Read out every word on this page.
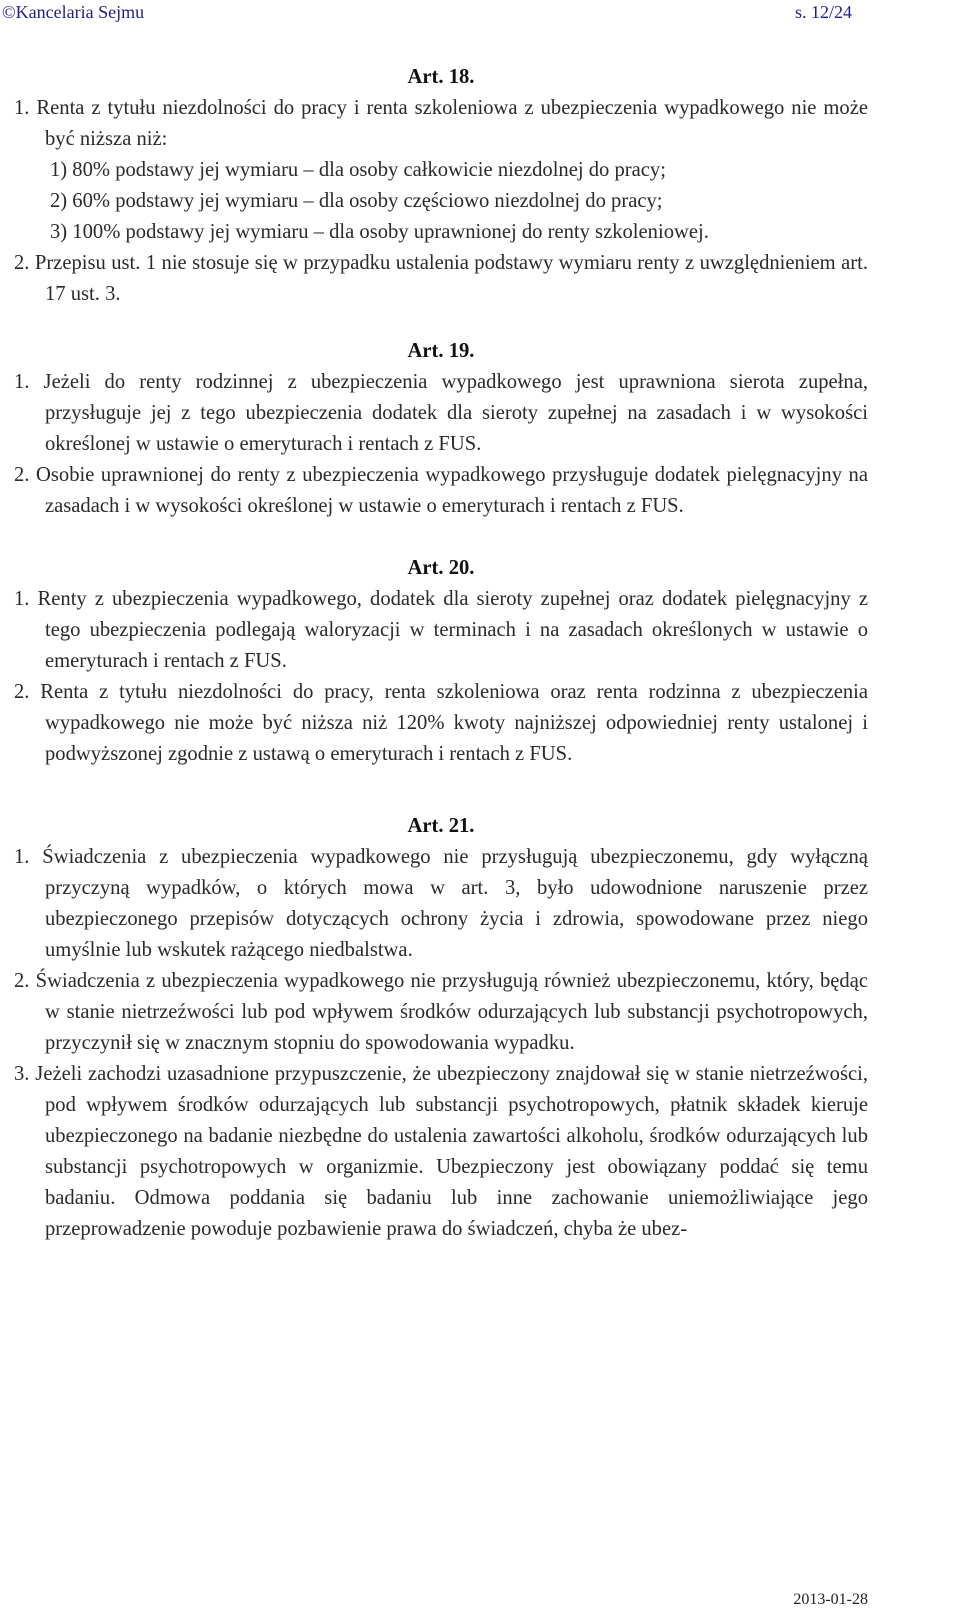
©Kancelaria Sejmu	s. 12/24

Art. 18.

1. Renta z tytułu niezdolności do pracy i renta szkoleniowa z ubezpieczenia wypadkowego nie może być niższa niż:

1) 80% podstawy jej wymiaru – dla osoby całkowicie niezdolnej do pracy;

2) 60% podstawy jej wymiaru – dla osoby częściowo niezdolnej do pracy;

3) 100% podstawy jej wymiaru – dla osoby uprawnionej do renty szkoleniowej.

2. Przepisu ust. 1 nie stosuje się w przypadku ustalenia podstawy wymiaru renty z uwzględnieniem art. 17 ust. 3.

Art. 19.

1. Jeżeli do renty rodzinnej z ubezpieczenia wypadkowego jest uprawniona sierota zupełna, przysługuje jej z tego ubezpieczenia dodatek dla sieroty zupełnej na zasadach i w wysokości określonej w ustawie o emeryturach i rentach z FUS.

2. Osobie uprawnionej do renty z ubezpieczenia wypadkowego przysługuje dodatek pielęgnacyjny na zasadach i w wysokości określonej w ustawie o emeryturach i rentach z FUS.

Art. 20.

1. Renty z ubezpieczenia wypadkowego, dodatek dla sieroty zupełnej oraz dodatek pielęgnacyjny z tego ubezpieczenia podlegają waloryzacji w terminach i na zasadach określonych w ustawie o emeryturach i rentach z FUS.

2. Renta z tytułu niezdolności do pracy, renta szkoleniowa oraz renta rodzinna z ubezpieczenia wypadkowego nie może być niższa niż 120% kwoty najniższej odpowiedniej renty ustalonej i podwyższonej zgodnie z ustawą o emeryturach i rentach z FUS.

Art. 21.

1. Świadczenia z ubezpieczenia wypadkowego nie przysługują ubezpieczonemu, gdy wyłączną przyczyną wypadków, o których mowa w art. 3, było udowodnione naruszenie przez ubezpieczonego przepisów dotyczących ochrony życia i zdrowia, spowodowane przez niego umyślnie lub wskutek rażącego niedbalstwa.

2. Świadczenia z ubezpieczenia wypadkowego nie przysługują również ubezpieczonemu, który, będąc w stanie nietrzeźwości lub pod wpływem środków odurzających lub substancji psychotropowych, przyczynił się w znacznym stopniu do spowodowania wypadku.

3. Jeżeli zachodzi uzasadnione przypuszczenie, że ubezpieczony znajdował się w stanie nietrzeźwości, pod wpływem środków odurzających lub substancji psychotropowych, płatnik składek kieruje ubezpieczonego na badanie niezbędne do ustalenia zawartości alkoholu, środków odurzających lub substancji psychotropowych w organizmie. Ubezpieczony jest obowiązany poddać się temu badaniu. Odmowa poddania się badaniu lub inne zachowanie uniemożliwiające jego przeprowadzenie powoduje pozbawienie prawa do świadczeń, chyba że ubez-

2013-01-28
